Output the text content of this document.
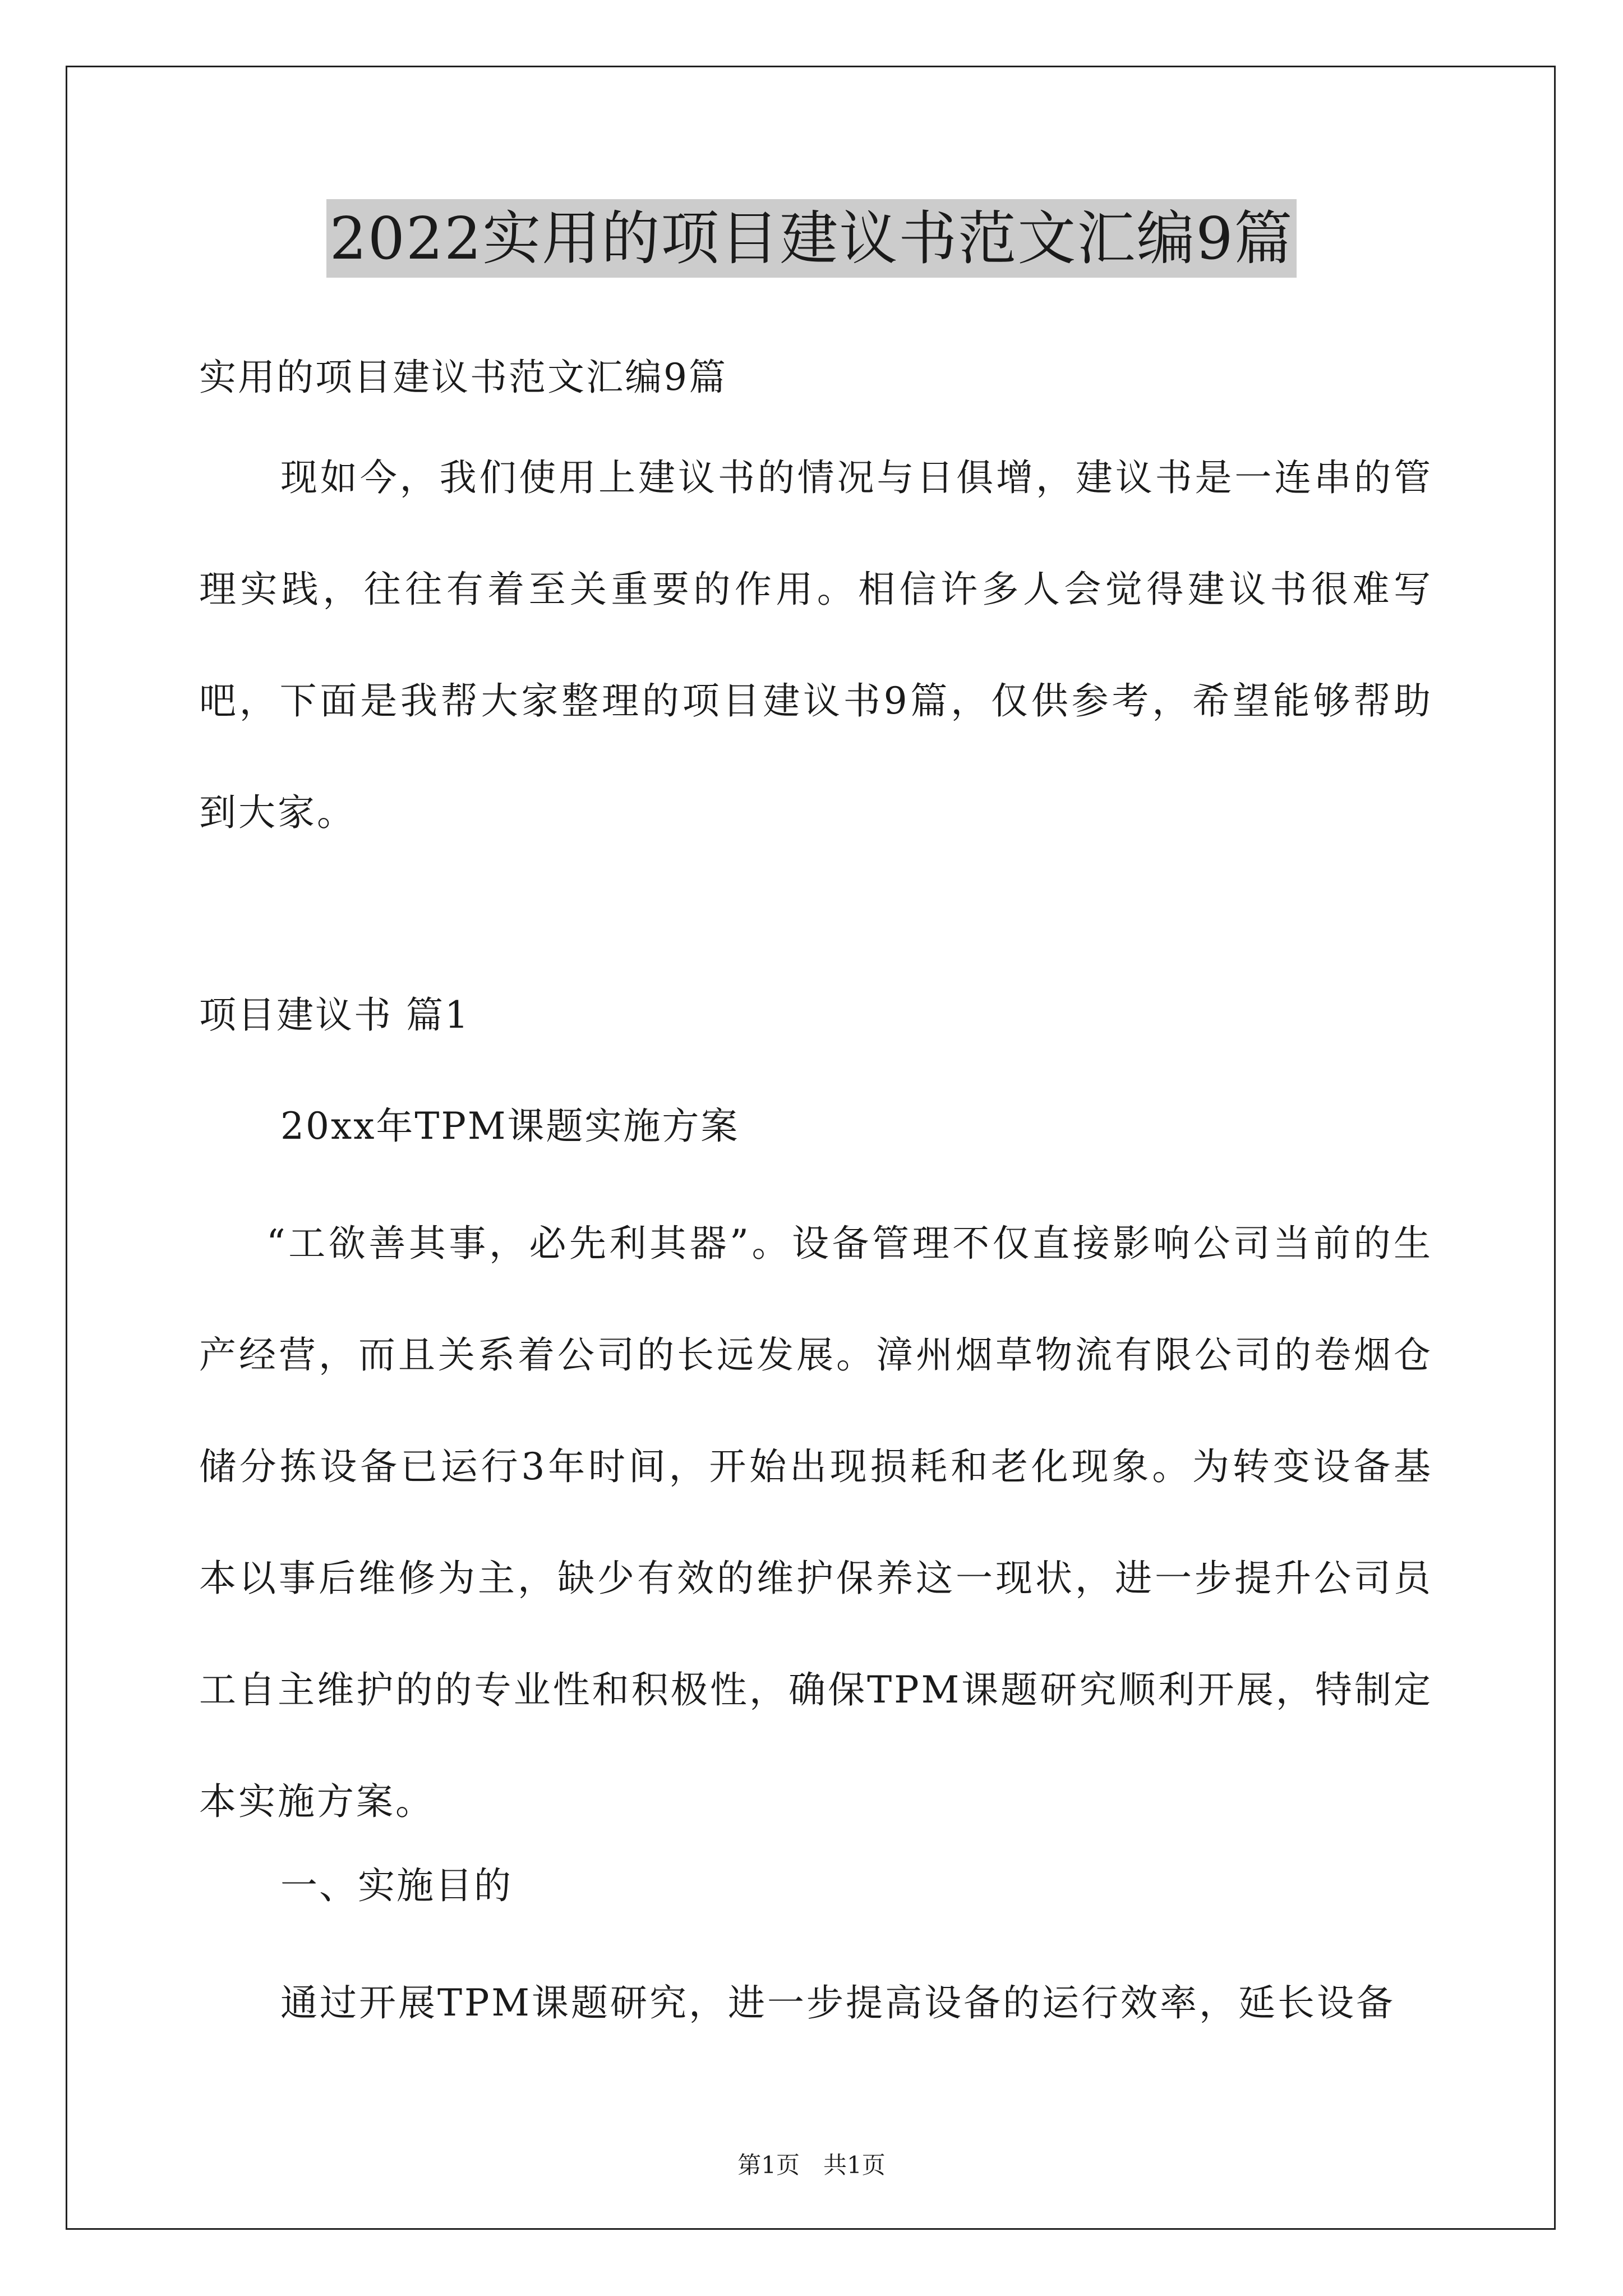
2022实用的项目建议书范文汇编9篇
实用的项目建议书范文汇编9篇

现如今，我们使用上建议书的情况与日俱增，建议书是一连串的管理实践，往往有着至关重要的作用。相信许多人会觉得建议书很难写吧，下面是我帮大家整理的项目建议书9篇，仅供参考，希望能够帮助到大家。

项目建议书 篇1
20xx年TPM课题实施方案

“工欲善其事，必先利其器”。设备管理不仅直接影响公司当前的生产经营，而且关系着公司的长远发展。漳州烟草物流有限公司的卷烟仓储分拣设备已运行3年时间，开始出现损耗和老化现象。为转变设备基本以事后维修为主，缺少有效的维护保养这一现状，进一步提升公司员工自主维护的的专业性和积极性，确保TPM课题研究顺利开展，特制定本实施方案。

一、实施目的

通过开展TPM课题研究，进一步提高设备的运行效率，延长设备

第1页　共1页
